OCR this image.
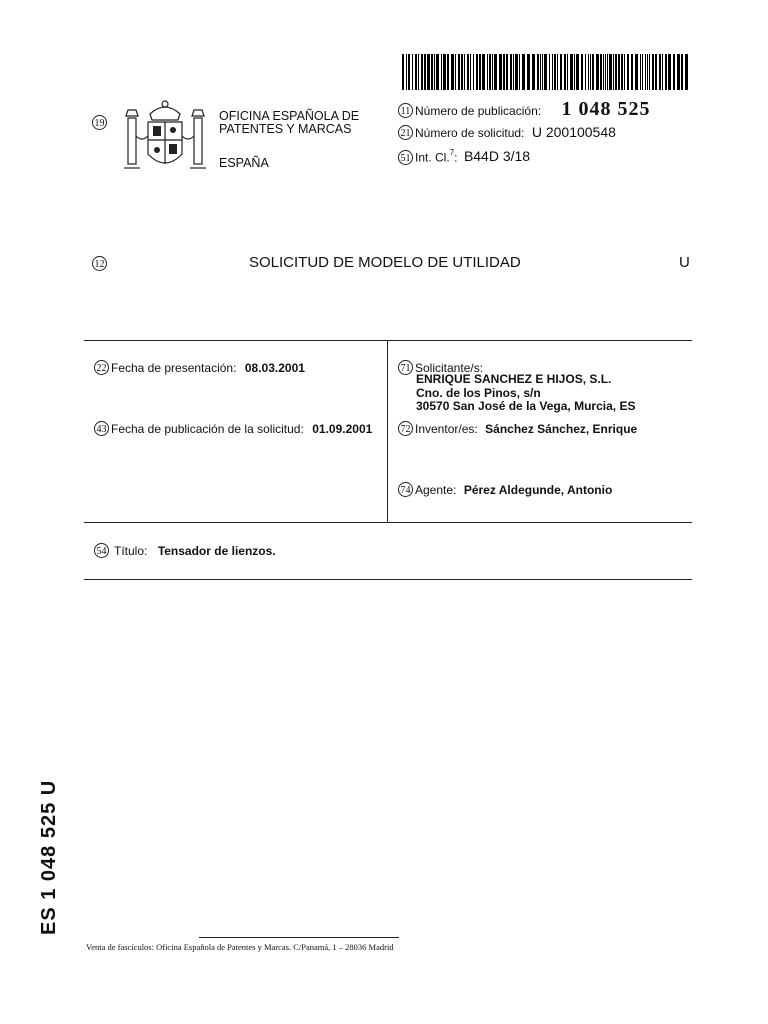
19
OFICINA ESPAÑOLA DE
PATENTES Y MARCAS
ESPAÑA
11 Número de publicación: 1 048 525
21 Número de solicitud: U 200100548
51 Int. Cl.$^7$: B44D 3/18
12	SOLICITUD DE MODELO DE UTILIDAD	U
22 Fecha de presentación: 08.03.2001
43 Fecha de publicación de la solicitud: 01.09.2001
71 Solicitante/s:
ENRIQUE SANCHEZ E HIJOS, S.L.
Cno. de los Pinos, s/n
30570 San José de la Vega, Murcia, ES
72 Inventor/es: Sánchez Sánchez, Enrique
74 Agente: Pérez Aldegunde, Antonio
54 Título: Tensador de lienzos.
ES 1 048 525 U
Venta de fascículos: Oficina Española de Patentes y Marcas. C/Panamá, 1 – 28036 Madrid
